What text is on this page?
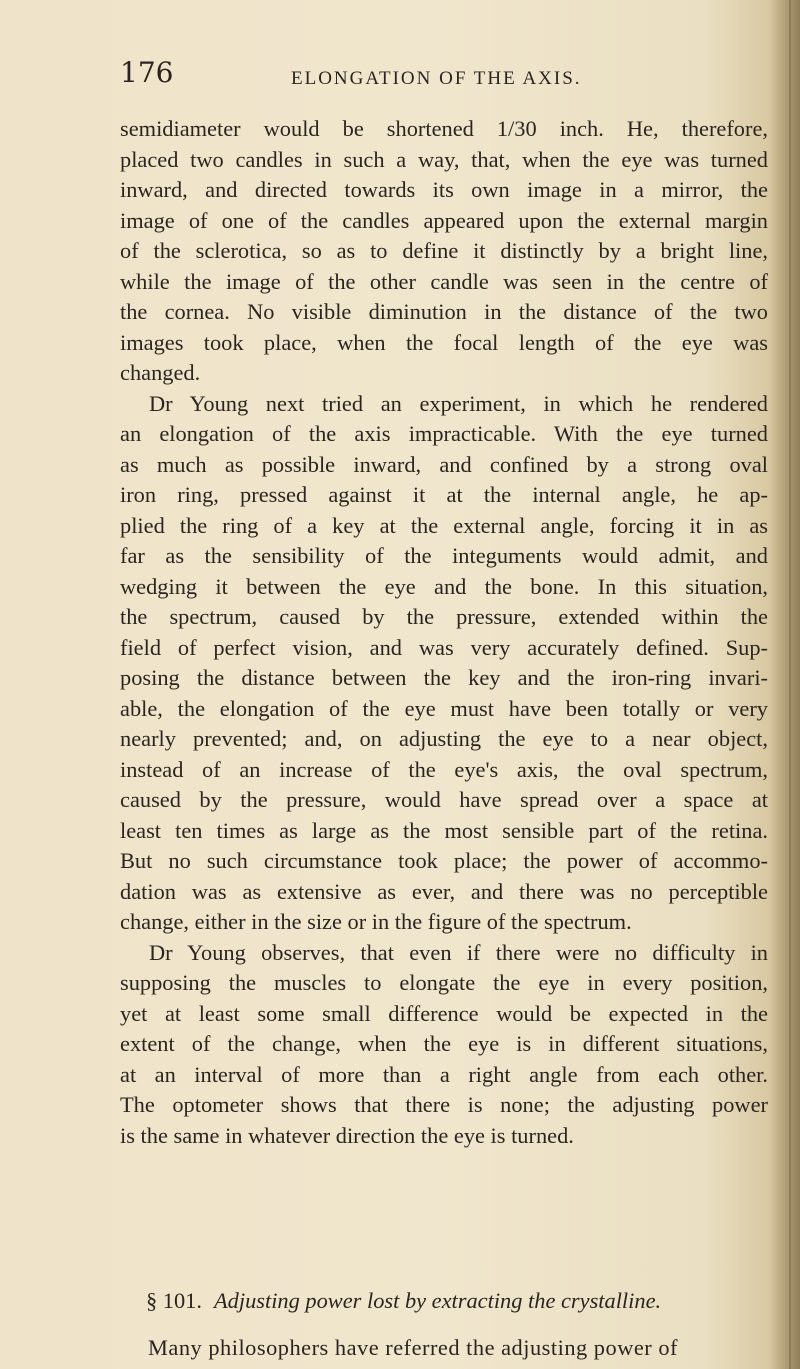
176	ELONGATION OF THE AXIS.
semidiameter would be shortened 1/30 inch. He, therefore,
placed two candles in such a way, that, when the eye was turned
inward, and directed towards its own image in a mirror, the
image of one of the candles appeared upon the external margin
of the sclerotica, so as to define it distinctly by a bright line,
while the image of the other candle was seen in the centre of
the cornea. No visible diminution in the distance of the two
images took place, when the focal length of the eye was
changed.
Dr Young next tried an experiment, in which he rendered
an elongation of the axis impracticable. With the eye turned
as much as possible inward, and confined by a strong oval
iron ring, pressed against it at the internal angle, he ap-
plied the ring of a key at the external angle, forcing it in as
far as the sensibility of the integuments would admit, and
wedging it between the eye and the bone. In this situation,
the spectrum, caused by the pressure, extended within the
field of perfect vision, and was very accurately defined. Sup-
posing the distance between the key and the iron-ring invari-
able, the elongation of the eye must have been totally or very
nearly prevented; and, on adjusting the eye to a near object,
instead of an increase of the eye's axis, the oval spectrum,
caused by the pressure, would have spread over a space at
least ten times as large as the most sensible part of the retina.
But no such circumstance took place; the power of accommo-
dation was as extensive as ever, and there was no perceptible
change, either in the size or in the figure of the spectrum.
Dr Young observes, that even if there were no difficulty in
supposing the muscles to elongate the eye in every position,
yet at least some small difference would be expected in the
extent of the change, when the eye is in different situations,
at an interval of more than a right angle from each other.
The optometer shows that there is none; the adjusting power
is the same in whatever direction the eye is turned.
§ 101. Adjusting power lost by extracting the crystalline.
Many philosophers have referred the adjusting power of
